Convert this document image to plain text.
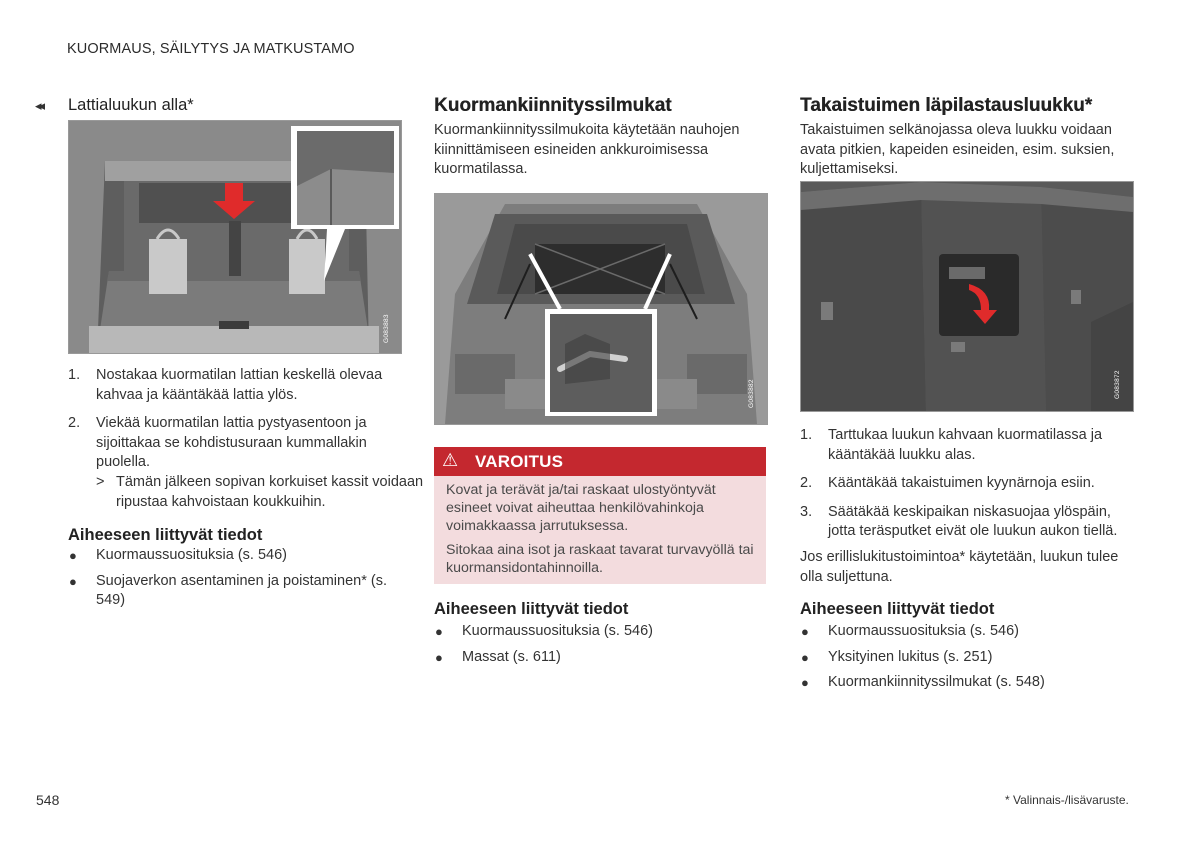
KUORMAUS, SÄILYTYS JA MATKUSTAMO
◂◂ Lattialuukun alla*
G083883
1. Nostakaa kuormatilan lattian keskellä olevaa kahvaa ja kääntäkää lattia ylös.
2. Viekää kuormatilan lattia pystyasentoon ja sijoittakaa se kohdistusuraan kummallakin puolella.
> Tämän jälkeen sopivan korkuiset kassit voidaan ripustaa kahvoistaan koukkuihin.
Aiheeseen liittyvät tiedot
● Kuormaussuosituksia (s. 546)
● Suojaverkon asentaminen ja poistaminen* (s. 549)
Kuormankiinnityssilmukat

Kuormankiinnityssilmukoita käytetään nauhojen kiinnittämiseen esineiden ankkuroimisessa kuormatilassa.

G083882
⚠ VAROITUS

Kovat ja terävät ja/tai raskaat ulostyöntyvät esineet voivat aiheuttaa henkilövahinkoja voimakkaassa jarrutuksessa.

Sitokaa aina isot ja raskaat tavarat turvavyöllä tai kuormansidontahinnoilla.

Aiheeseen liittyvät tiedot
● Kuormaussuosituksia (s. 546)
● Massat (s. 611)
Takaistuimen läpilastausluukku*

Takaistuimen selkänojassa oleva luukku voidaan avata pitkien, kapeiden esineiden, esim. suksien, kuljettamiseksi.

G083872
1. Tarttukaa luukun kahvaan kuormatilassa ja kääntäkää luukku alas.
2. Kääntäkää takaistuimen kyynärnoja esiin.
3. Säätäkää keskipaikan niskasuojaa ylöspäin, jotta teräsputket eivät ole luukun aukon tiellä.

Jos erillislukitustoimintoa* käytetään, luukun tulee olla suljettuna.

Aiheeseen liittyvät tiedot
● Kuormaussuosituksia (s. 546)
● Yksityinen lukitus (s. 251)
● Kuormankiinnityssilmukat (s. 548)
548	* Valinnais-/lisävaruste.
